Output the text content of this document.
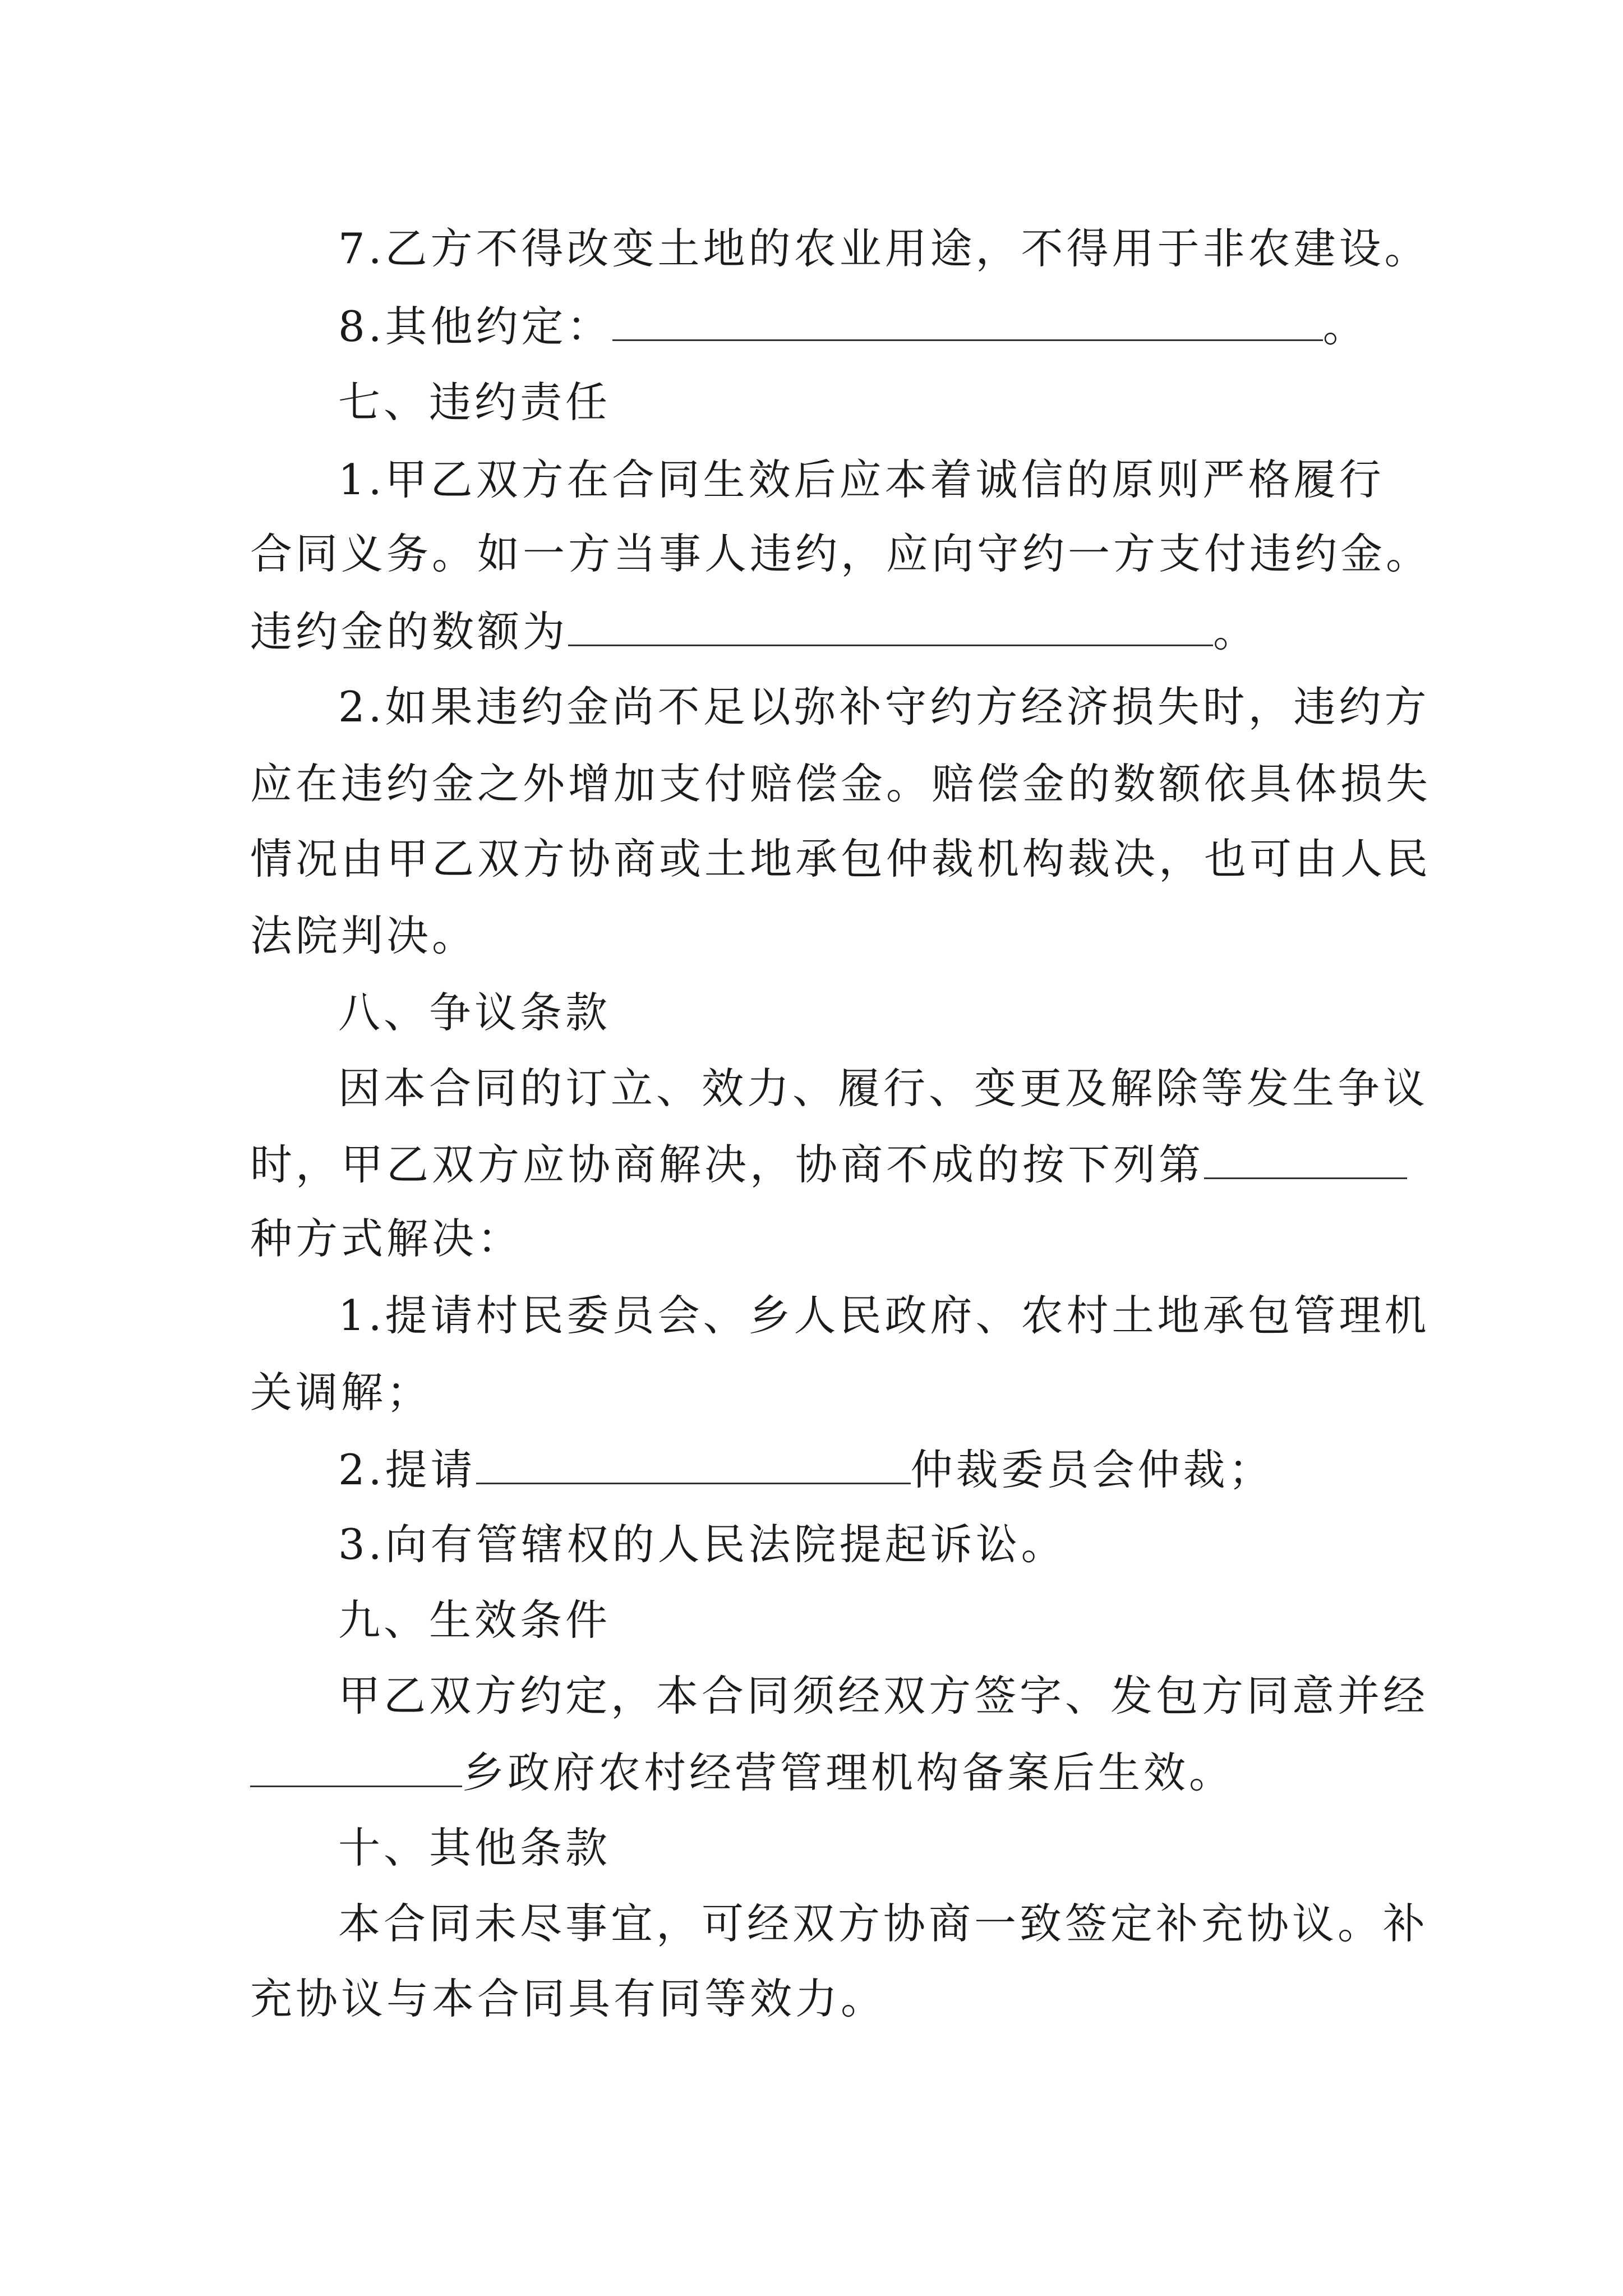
7.乙方不得改变土地的农业用途，不得用于非农建设。

8.其他约定：	。

七、违约责任

1.甲乙双方在合同生效后应本着诚信的原则严格履行

合同义务。如一方当事人违约，应向守约一方支付违约金。

违约金的数额为	。

2.如果违约金尚不足以弥补守约方经济损失时，违约方

应在违约金之外增加支付赔偿金。赔偿金的数额依具体损失

情况由甲乙双方协商或土地承包仲裁机构裁决，也可由人民

法院判决。

八、争议条款

因本合同的订立、效力、履行、变更及解除等发生争议

时，甲乙双方应协商解决，协商不成的按下列第

种方式解决：

1.提请村民委员会、乡人民政府、农村土地承包管理机

关调解；

2.提请	仲裁委员会仲裁；

3.向有管辖权的人民法院提起诉讼。

九、生效条件

甲乙双方约定，本合同须经双方签字、发包方同意并经

乡政府农村经营管理机构备案后生效。

十、其他条款

本合同未尽事宜，可经双方协商一致签定补充协议。补

充协议与本合同具有同等效力。
